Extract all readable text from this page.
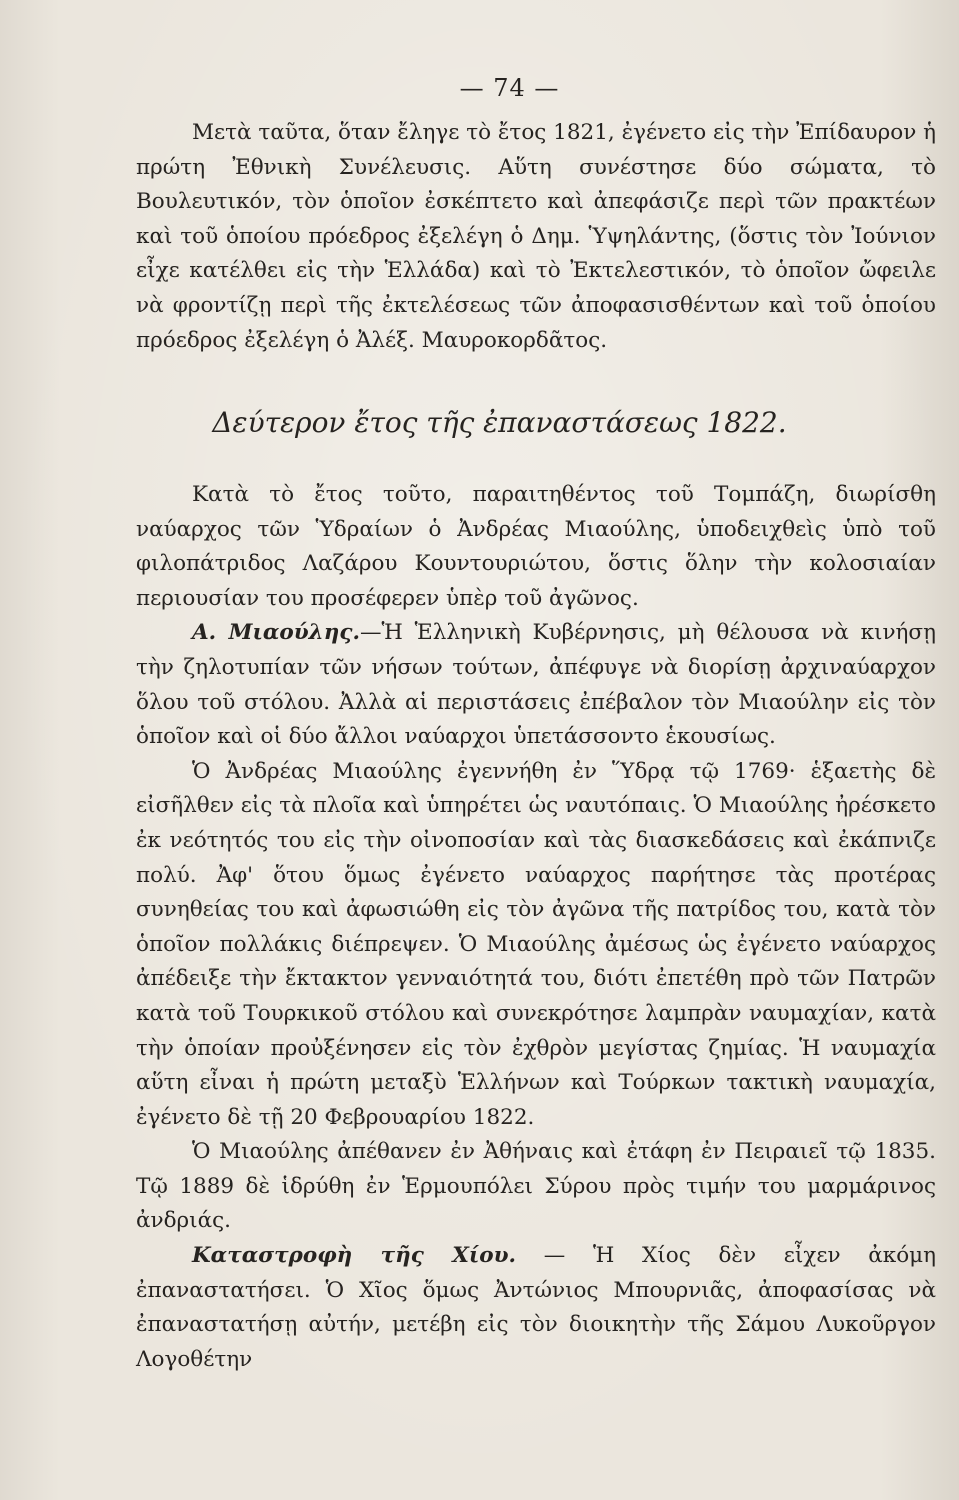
— 74 —

Μετὰ ταῦτα, ὅταν ἔληγε τὸ ἔτος 1821, ἐγένετο εἰς τὴν Ἐπίδαυρον ἡ πρώτη Ἐθνικὴ Συνέλευσις. Αὕτη συνέστησε δύο σώματα, τὸ Βουλευτικόν, τὸν ὁποῖον ἐσκέπτετο καὶ ἀπεφάσιζε περὶ τῶν πρακτέων καὶ τοῦ ὁποίου πρόεδρος ἐξελέγη ὁ Δημ. Ὑψηλάντης, (ὅστις τὸν Ἰούνιον εἶχε κατέλθει εἰς τὴν Ἑλλάδα) καὶ τὸ Ἐκτελεστικόν, τὸ ὁποῖον ὤφειλε νὰ φροντίζῃ περὶ τῆς ἐκτελέσεως τῶν ἀποφασισθέντων καὶ τοῦ ὁποίου πρόεδρος ἐξελέγη ὁ Ἀλέξ. Μαυροκορδᾶτος.

Δεύτερον ἔτος τῆς ἐπαναστάσεως 1822.

Κατὰ τὸ ἔτος τοῦτο, παραιτηθέντος τοῦ Τομπάζη, διωρίσθη ναύαρχος τῶν Ὑδραίων ὁ Ἀνδρέας Μιαούλης, ὑποδειχθεὶς ὑπὸ τοῦ φιλοπάτριδος Λαζάρου Κουντουριώτου, ὅστις ὅλην τὴν κολοσιαίαν περιουσίαν του προσέφερεν ὑπὲρ τοῦ ἀγῶνος.

Α. Μιαούλης.—Ἡ Ἑλληνικὴ Κυβέρνησις, μὴ θέλουσα νὰ κινήσῃ τὴν ζηλοτυπίαν τῶν νήσων τούτων, ἀπέφυγε νὰ διορίσῃ ἀρχιναύαρχον ὅλου τοῦ στόλου. Ἀλλὰ αἱ περιστάσεις ἐπέβαλον τὸν Μιαούλην εἰς τὸν ὁποῖον καὶ οἱ δύο ἄλλοι ναύαρχοι ὑπετάσσοντο ἑκουσίως.

Ὁ Ἀνδρέας Μιαούλης ἐγεννήθη ἐν Ὕδρᾳ τῷ 1769· ἑξαετὴς δὲ εἰσῆλθεν εἰς τὰ πλοῖα καὶ ὑπηρέτει ὡς ναυτόπαις. Ὁ Μιαούλης ἠρέσκετο ἐκ νεότητός του εἰς τὴν οἰνοποσίαν καὶ τὰς διασκεδάσεις καὶ ἐκάπνιζε πολύ. Ἀφ' ὅτου ὅμως ἐγένετο ναύαρχος παρήτησε τὰς προτέρας συνηθείας του καὶ ἀφωσιώθη εἰς τὸν ἀγῶνα τῆς πατρίδος του, κατὰ τὸν ὁποῖον πολλάκις διέπρεψεν. Ὁ Μιαούλης ἀμέσως ὡς ἐγένετο ναύαρχος ἀπέδειξε τὴν ἔκτακτον γενναιότητά του, διότι ἐπετέθη πρὸ τῶν Πατρῶν κατὰ τοῦ Τουρκικοῦ στόλου καὶ συνεκρότησε λαμπρὰν ναυμαχίαν, κατὰ τὴν ὁποίαν προὐξένησεν εἰς τὸν ἐχθρὸν μεγίστας ζημίας. Ἡ ναυμαχία αὕτη εἶναι ἡ πρώτη μεταξὺ Ἑλλήνων καὶ Τούρκων τακτικὴ ναυμαχία, ἐγένετο δὲ τῇ 20 Φεβρουαρίου 1822.

Ὁ Μιαούλης ἀπέθανεν ἐν Ἀθήναις καὶ ἐτάφη ἐν Πειραιεῖ τῷ 1835. Τῷ 1889 δὲ ἱδρύθη ἐν Ἑρμουπόλει Σύρου πρὸς τιμήν του μαρμάρινος ἀνδριάς.

Καταστροφὴ τῆς Χίου. — Ἡ Χίος δὲν εἶχεν ἀκόμη ἐπαναστατήσει. Ὁ Χῖος ὅμως Ἀντώνιος Μπουρνιᾶς, ἀποφασίσας νὰ ἐπαναστατήσῃ αὐτήν, μετέβη εἰς τὸν διοικητὴν τῆς Σάμου Λυκοῦργον Λογοθέτην
